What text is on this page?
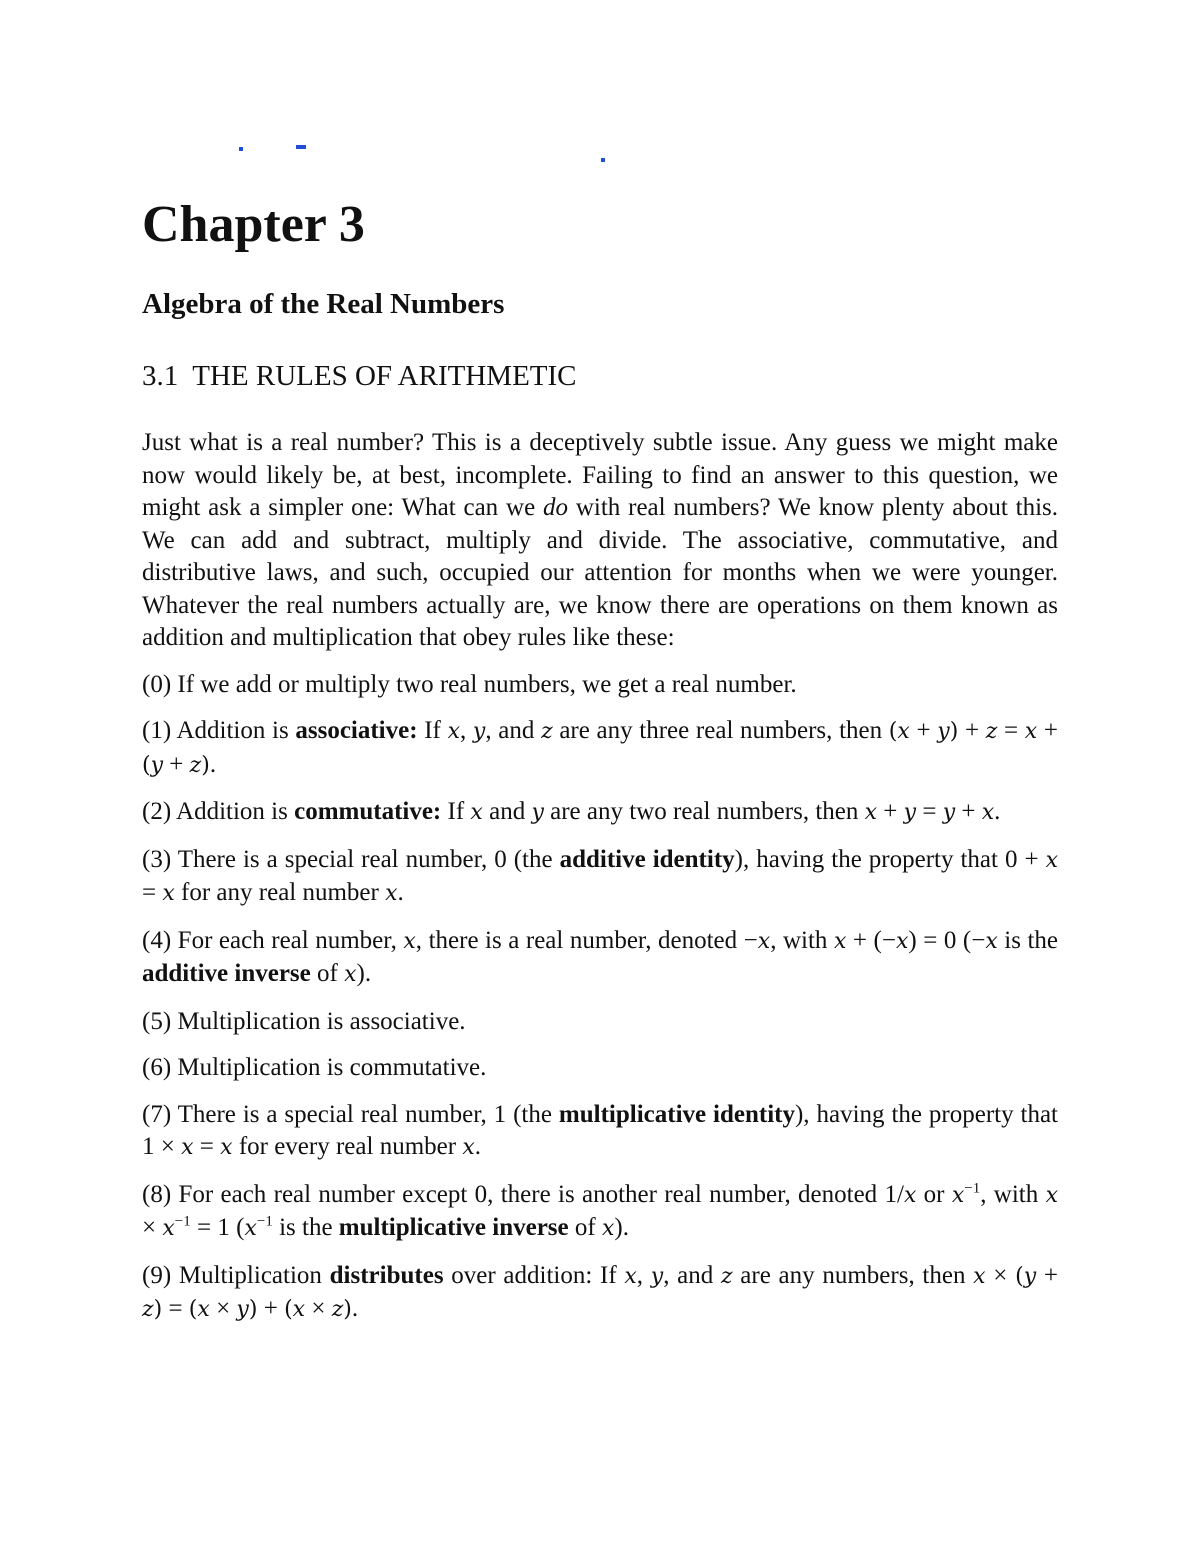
Chapter 3
Algebra of the Real Numbers
3.1 THE RULES OF ARITHMETIC

Just what is a real number? This is a deceptively subtle issue. Any guess we might make now would likely be, at best, incomplete. Failing to find an answer to this question, we might ask a simpler one: What can we do with real numbers? We know plenty about this. We can add and subtract, multiply and divide. The associative, commutative, and distributive laws, and such, occupied our attention for months when we were younger. Whatever the real numbers actually are, we know there are operations on them known as addition and multiplication that obey rules like these:

(0) If we add or multiply two real numbers, we get a real number.

(1) Addition is associative: If x, y, and z are any three real numbers, then (x + y) + z = x + (y + z).

(2) Addition is commutative: If x and y are any two real numbers, then x + y = y + x.

(3) There is a special real number, 0 (the additive identity), having the property that 0 + x = x for any real number x.

(4) For each real number, x, there is a real number, denoted −x, with x + (−x) = 0 (−x is the additive inverse of x).

(5) Multiplication is associative.

(6) Multiplication is commutative.

(7) There is a special real number, 1 (the multiplicative identity), having the property that 1 × x = x for every real number x.

(8) For each real number except 0, there is another real number, denoted 1/x or $x^{-1}$, with $x \times x^{-1} = 1$ ($x^{-1}$ is the multiplicative inverse of x).

(9) Multiplication distributes over addition: If x, y, and z are any numbers, then x × (y + z) = (x × y) + (x × z).
